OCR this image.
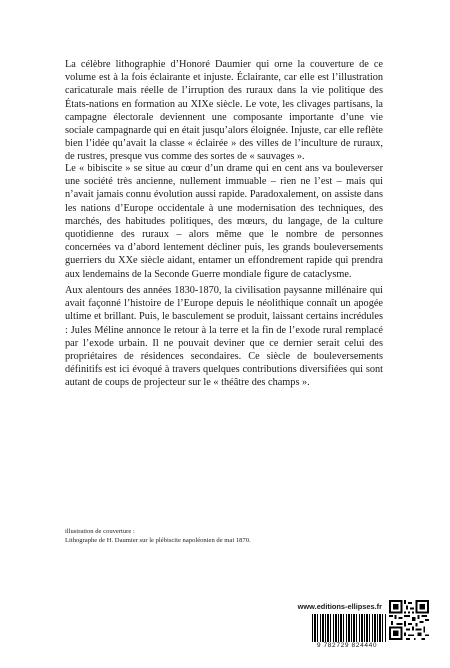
La célèbre lithographie d’Honoré Daumier qui orne la couverture de ce volume est à la fois éclairante et injuste. Éclairante, car elle est l’illustration caricaturale mais réelle de l’irruption des ruraux dans la vie politique des États-nations en formation au XIXe siècle. Le vote, les clivages partisans, la campagne électorale deviennent une composante importante d’une vie sociale campagnarde qui en était jusqu’alors éloignée. Injuste, car elle reflète bien l’idée qu’avait la classe « éclairée » des villes de l’inculture de ruraux, de rustres, presque vus comme des sortes de « sauvages ».

Le « bibiscite » se situe au cœur d’un drame qui en cent ans va bouleverser une société très ancienne, nullement immuable – rien ne l’est – mais qui n’avait jamais connu évolution aussi rapide. Paradoxalement, on assiste dans les nations d’Europe occidentale à une modernisation des techniques, des marchés, des habitudes politiques, des mœurs, du langage, de la culture quotidienne des ruraux – alors même que le nombre de personnes concernées va d’abord lentement décliner puis, les grands bouleversements guerriers du XXe siècle aidant, entamer un effondrement rapide qui prendra aux lendemains de la Seconde Guerre mondiale figure de cataclysme.

Aux alentours des années 1830-1870, la civilisation paysanne millénaire qui avait façonné l’histoire de l’Europe depuis le néolithique connaît un apogée ultime et brillant. Puis, le basculement se produit, laissant certains incrédules : Jules Méline annonce le retour à la terre et la fin de l’exode rural remplacé par l’exode urbain. Il ne pouvait deviner que ce dernier serait celui des propriétaires de résidences secondaires. Ce siècle de bouleversements définitifs est ici évoqué à travers quelques contributions diversifiées qui sont autant de coups de projecteur sur le « théâtre des champs ».

illustration de couverture :
Lithographe de H. Daumier sur le plébiscite napoléonien de mai 1870.
www.editions-ellipses.fr
9 782729 824440
